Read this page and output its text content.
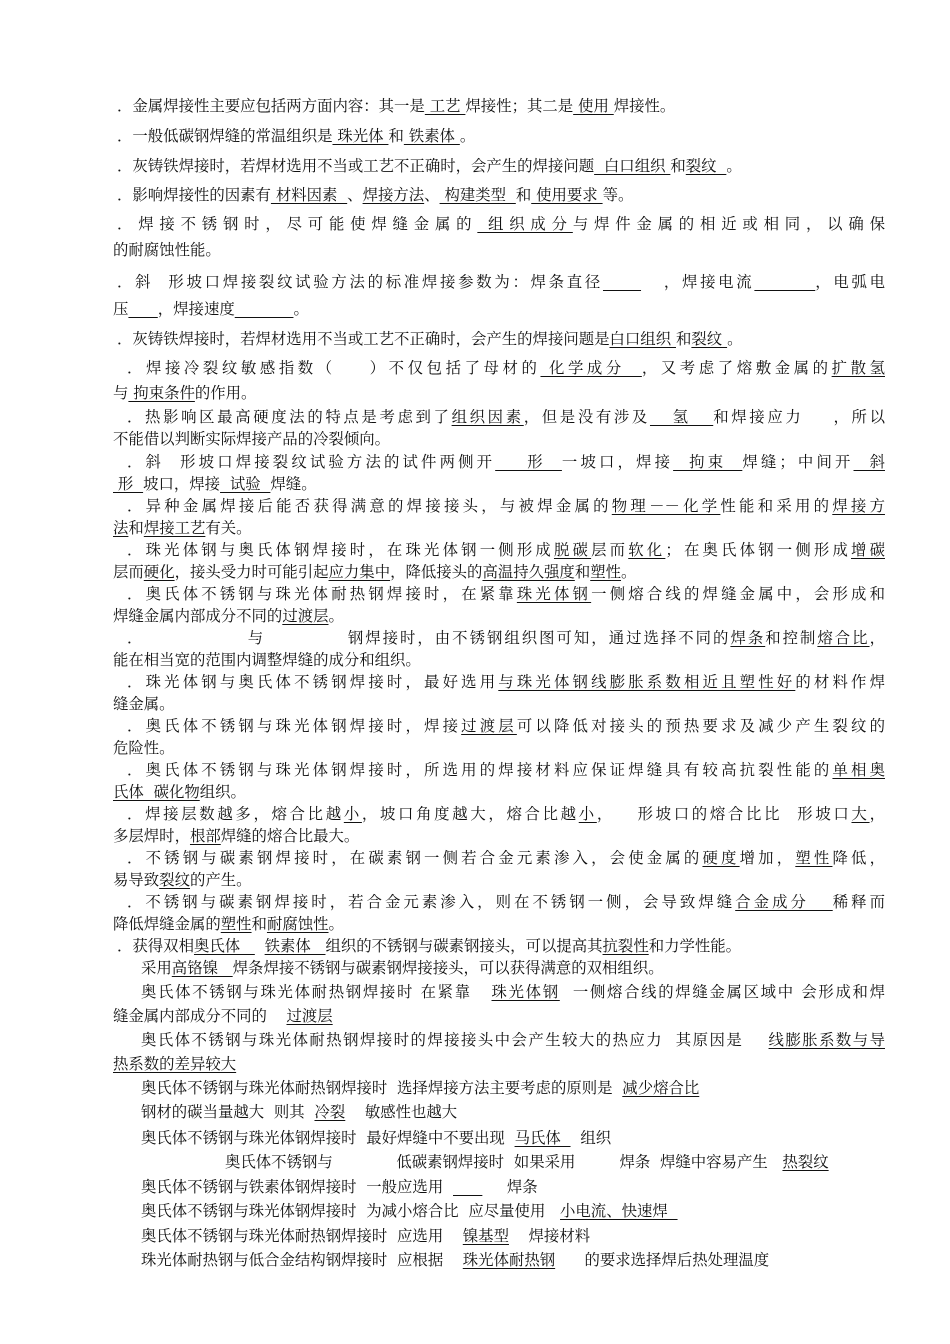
．金属焊接性主要应包括两方面内容：其一是 工艺 焊接性；其二是 使用 焊接性。
．一般低碳钢焊缝的常温组织是 珠光体 和 铁素体 。
．灰铸铁焊接时，若焊材选用不当或工艺不正确时，会产生的焊接问题  白口组织 和裂纹  。
．影响焊接性的因素有 材料因素  、焊接方法、 构建类型  和 使用要求 等。
．焊接不锈钢时，尽可能使焊缝金属的 组织成分与焊件金属的相近或相同，以确保
的耐腐蚀性能。
．斜  形坡口焊接裂纹试验方法的标准焊接参数为：焊条直径        ，焊接电流	，电弧电
压 ，焊接速度	。
．灰铸铁焊接时，若焊材选用不当或工艺不正确时，会产生的焊接问题是白口组织 和裂纹 。
．焊接冷裂纹敏感指数（    ）不仅包括了母材的 化学成分  ，又考虑了熔敷金属的扩散氢
与 拘束条件的作用。
．热影响区最高硬度法的特点是考虑到了组织因素，但是没有涉及   氢   和焊接应力    ，所以
不能借以判断实际焊接产品的冷裂倾向。
．斜  形坡口焊接裂纹试验方法的试件两侧开    形  一坡口，焊接  拘束  焊缝；中间开  斜
形  坡口，焊接  试验  焊缝。
．异种金属焊接后能否获得满意的焊接接头，与被焊金属的物理－－化学性能和采用的焊接方
法和焊接工艺有关。
．珠光体钢与奥氏体钢焊接时，在珠光体钢一侧形成脱碳层而软化；在奥氏体钢一侧形成增碳
层而硬化，接头受力时可能引起应力集中，降低接头的高温持久强度和塑性。
．奥氏体不锈钢与珠光体耐热钢焊接时，在紧靠珠光体钢一侧熔合线的焊缝金属中，会形成和
焊缝金属内部成分不同的过渡层。
．               与            钢焊接时，由不锈钢组织图可知，通过选择不同的焊条和控制熔合比，
能在相当宽的范围内调整焊缝的成分和组织。
．珠光体钢与奥氏体不锈钢焊接时，最好选用与珠光体钢线膨胀系数相近且塑性好的材料作焊
缝金属。
．奥氏体不锈钢与珠光体钢焊接时，焊接过渡层可以降低对接头的预热要求及减少产生裂纹的
危险性。
．奥氏体不锈钢与珠光体钢焊接时，所选用的焊接材料应保证焊缝具有较高抗裂性能的单相奥
氏体  碳化物组织。
．焊接层数越多，熔合比越小，坡口角度越大，熔合比越小，   形坡口的熔合比比  形坡口大，
多层焊时，根部焊缝的熔合比最大。
．不锈钢与碳素钢焊接时，在碳素钢一侧若合金元素渗入，会使金属的硬度增加，塑性降低，
易导致裂纹的产生。
．不锈钢与碳素钢焊接时，若合金元素渗入，则在不锈钢一侧，会导致焊缝合金成分   稀释而
降低焊缝金属的塑性和耐腐蚀性。
．获得双相奥氏体     铁素体   组织的不锈钢与碳素钢接头，可以提高其抗裂性和力学性能。
采用高铬镍   焊条焊接不锈钢与碳素钢焊接接头，可以获得满意的双相组织。
奥氏体不锈钢与珠光体耐热钢焊接时 在紧靠   珠光体钢  一侧熔合线的焊缝金属区域中 会形成和焊
缝金属内部成分不同的    过渡层
奥氏体不锈钢与珠光体耐热钢焊接时的焊接接头中会产生较大的热应力  其原因是    线膨胀系数与导
热系数的差异较大
奥氏体不锈钢与珠光体耐热钢焊接时  选择焊接方法主要考虑的原则是  减少熔合比
钢材的碳当量越大  则其  冷裂    敏感性也越大
奥氏体不锈钢与珠光体钢焊接时  最好焊缝中不要出现  马氏体    组织
奥氏体不锈钢与             低碳素钢焊接时  如果采用         焊条  焊缝中容易产生   热裂纹
奥氏体不锈钢与铁素体钢焊接时  一般应选用             焊条
奥氏体不锈钢与珠光体钢焊接时  为减小熔合比  应尽量使用   小电流、快速焊
奥氏体不锈钢与珠光体耐热钢焊接时  应选用    镍基型    焊接材料
珠光体耐热钢与低合金结构钢焊接时  应根据    珠光体耐热钢      的要求选择焊后热处理温度
